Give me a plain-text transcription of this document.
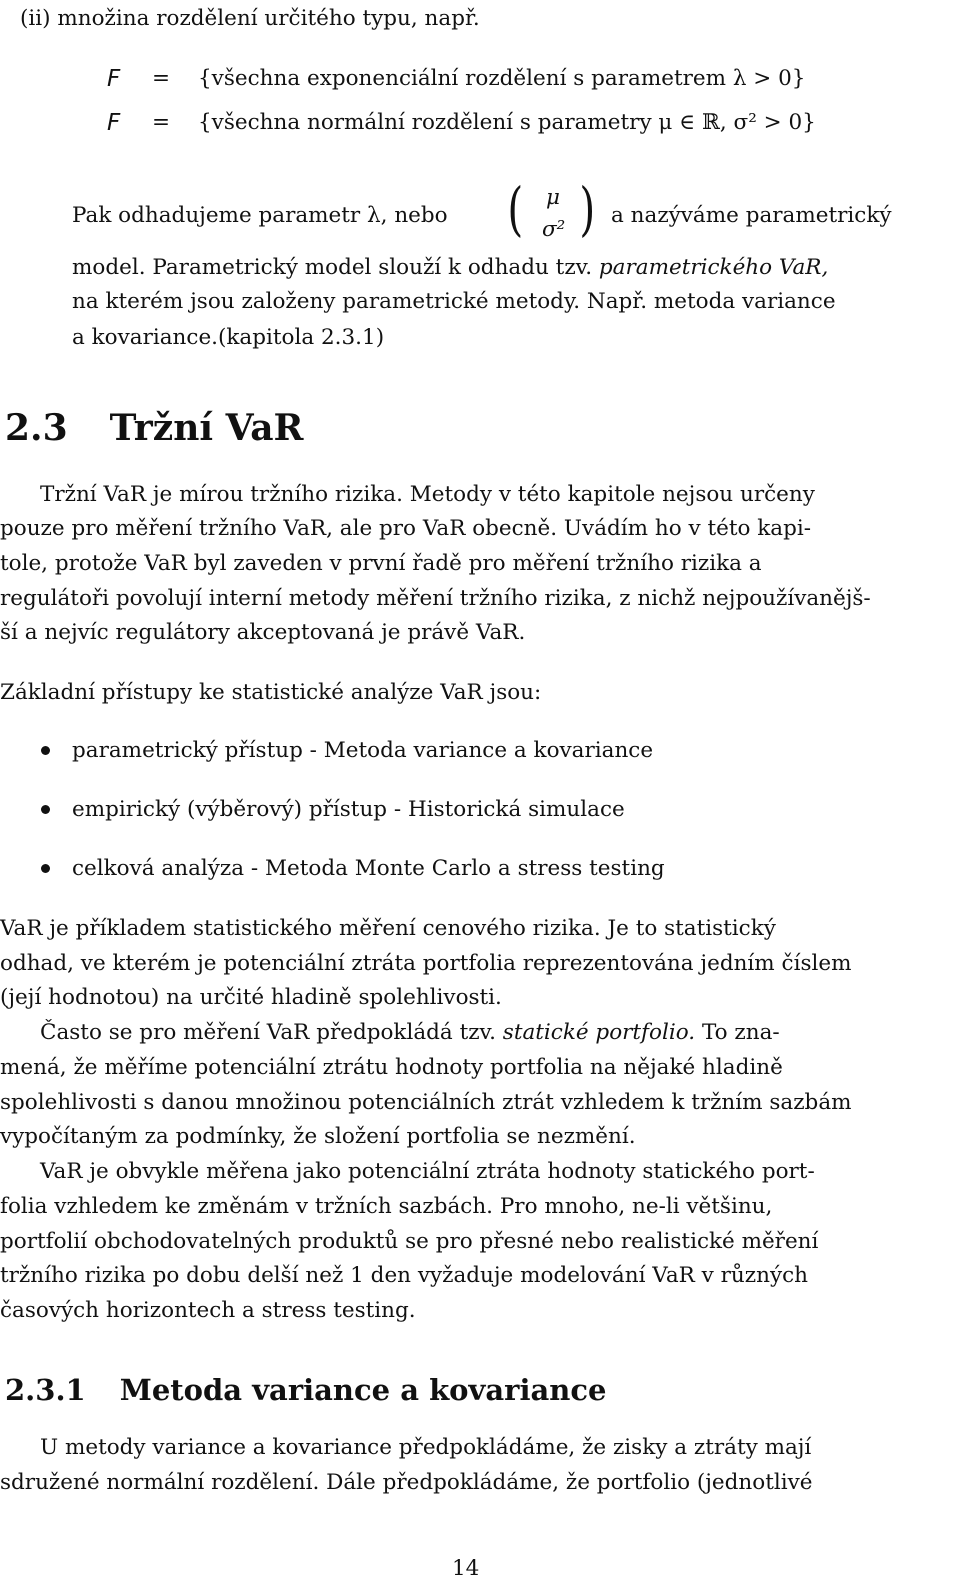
(ii) množina rozdělení určitého typu, např.
F = {všechna exponenciální rozdělení s parametrem λ > 0}
F = {všechna normální rozdělení s parametry μ ∈ ℝ, σ² > 0}
Pak odhadujeme parametr λ, nebo ( μ
σ² ) a nazýváme parametrický
model. Parametrický model slouží k odhadu tzv. parametrického VaR,
na kterém jsou založeny parametrické metody. Např. metoda variance
a kovariance.(kapitola 2.3.1)
2.3 Tržní VaR
Tržní VaR je mírou tržního rizika. Metody v této kapitole nejsou určeny
pouze pro měření tržního VaR, ale pro VaR obecně. Uvádím ho v této kapi-
tole, protože VaR byl zaveden v první řadě pro měření tržního rizika a
regulátoři povolují interní metody měření tržního rizika, z nichž nejpoužívanějš-
ší a nejvíc regulátory akceptovaná je právě VaR.
Základní přístupy ke statistické analýze VaR jsou:
parametrický přístup - Metoda variance a kovariance
empirický (výběrový) přístup - Historická simulace
celková analýza - Metoda Monte Carlo a stress testing
VaR je příkladem statistického měření cenového rizika. Je to statistický
odhad, ve kterém je potenciální ztráta portfolia reprezentována jedním číslem
(její hodnotou) na určité hladině spolehlivosti.
Často se pro měření VaR předpokládá tzv. statické portfolio. To zna-
mená, že měříme potenciální ztrátu hodnoty portfolia na nějaké hladině
spolehlivosti s danou množinou potenciálních ztrát vzhledem k tržním sazbám
vypočítaným za podmínky, že složení portfolia se nezmění.
VaR je obvykle měřena jako potenciální ztráta hodnoty statického port-
folia vzhledem ke změnám v tržních sazbách. Pro mnoho, ne-li většinu,
portfolií obchodovatelných produktů se pro přesné nebo realistické měření
tržního rizika po dobu delší než 1 den vyžaduje modelování VaR v různých
časových horizontech a stress testing.
2.3.1 Metoda variance a kovariance
U metody variance a kovariance předpokládáme, že zisky a ztráty mají
sdružené normální rozdělení. Dále předpokládáme, že portfolio (jednotlivé
14
